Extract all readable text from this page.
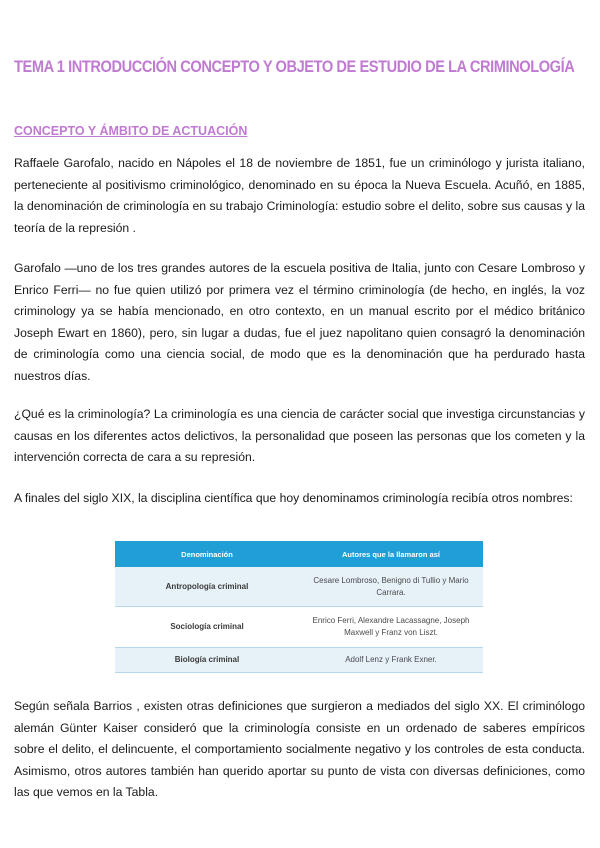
TEMA 1 INTRODUCCIÓN CONCEPTO Y OBJETO DE ESTUDIO DE LA CRIMINOLOGÍA
CONCEPTO Y ÁMBITO DE ACTUACIÓN

Raffaele Garofalo, nacido en Nápoles el 18 de noviembre de 1851, fue un criminólogo y jurista italiano, perteneciente al positivismo criminológico, denominado en su época la Nueva Escuela. Acuñó, en 1885, la denominación de criminología en su trabajo Criminología: estudio sobre el delito, sobre sus causas y la teoría de la represión .

Garofalo —uno de los tres grandes autores de la escuela positiva de Italia, junto con Cesare Lombroso y Enrico Ferri— no fue quien utilizó por primera vez el término criminología (de hecho, en inglés, la voz criminology ya se había mencionado, en otro contexto, en un manual escrito por el médico británico Joseph Ewart en 1860), pero, sin lugar a dudas, fue el juez napolitano quien consagró la denominación de criminología como una ciencia social, de modo que es la denominación que ha perdurado hasta nuestros días.

¿Qué es la criminología? La criminología es una ciencia de carácter social que investiga circunstancias y causas en los diferentes actos delictivos, la personalidad que poseen las personas que los cometen y la intervención correcta de cara a su represión.

A finales del siglo XIX, la disciplina científica que hoy denominamos criminología recibía otros nombres:

Denominación	Autores que la llamaron así
Antropología criminal	Cesare Lombroso, Benigno di Tullio y Mario Carrara.
Sociología criminal	Enrico Ferri, Alexandre Lacassagne, Joseph Maxwell y Franz von Liszt.
Biología criminal	Adolf Lenz y Frank Exner.

Según señala Barrios , existen otras definiciones que surgieron a mediados del siglo XX. El criminólogo alemán Günter Kaiser consideró que la criminología consiste en un ordenado de saberes empíricos sobre el delito, el delincuente, el comportamiento socialmente negativo y los controles de esta conducta. Asimismo, otros autores también han querido aportar su punto de vista con diversas definiciones, como las que vemos en la Tabla.
